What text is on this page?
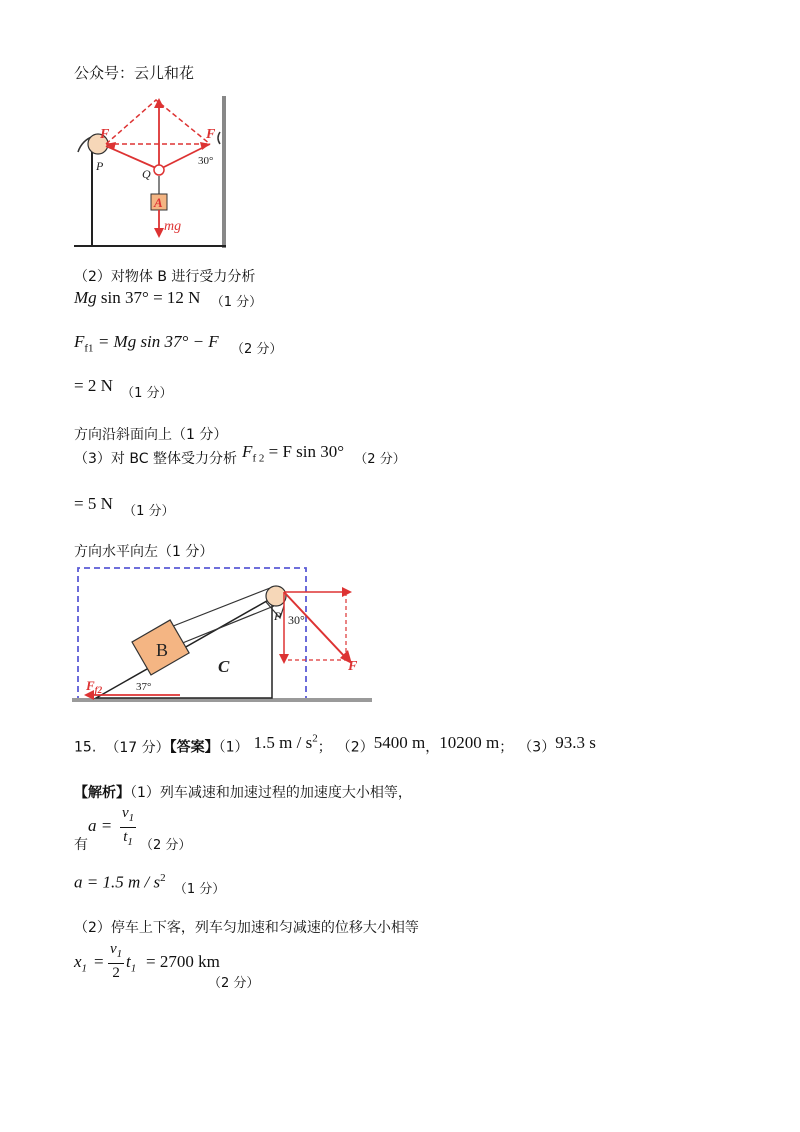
公众号：云儿和花
F	F
P
Q
A
mg
30°
（2）对物体 B 进行受力分析
Mg sin 37° = 12 N （1 分）
$F_{f1} = Mg$ sin 37° − F $_{(2 分)}$
= 2 N $_{(1 分)}$
方向沿斜面向上（1 分）
（3）对 BC 整体受力分析 $F_{f 2} = F$ sin 30° （2 分）
= 5 N $_{(1 分)}$
方向水平向左（1 分）
B
C
P 30°
F
37°
$F_{f2}$
15. （17 分）【答案】（1） 1.5 m / $s^2$； （2）5400 m，10200 m； （3）93.3 s
【解析】（1）列车减速和加速过程的加速度大小相等，
$a = \frac{v_1}{t_1}$
有	（2 分）
a = 1.5 m / $s^2$ $_{(1 分)}$
（2）停车上下客，列车匀加速和匀减速的位移大小相等
$x_1 = \frac{v_1}{2} t_1 = 2700$ km
（2 分）
